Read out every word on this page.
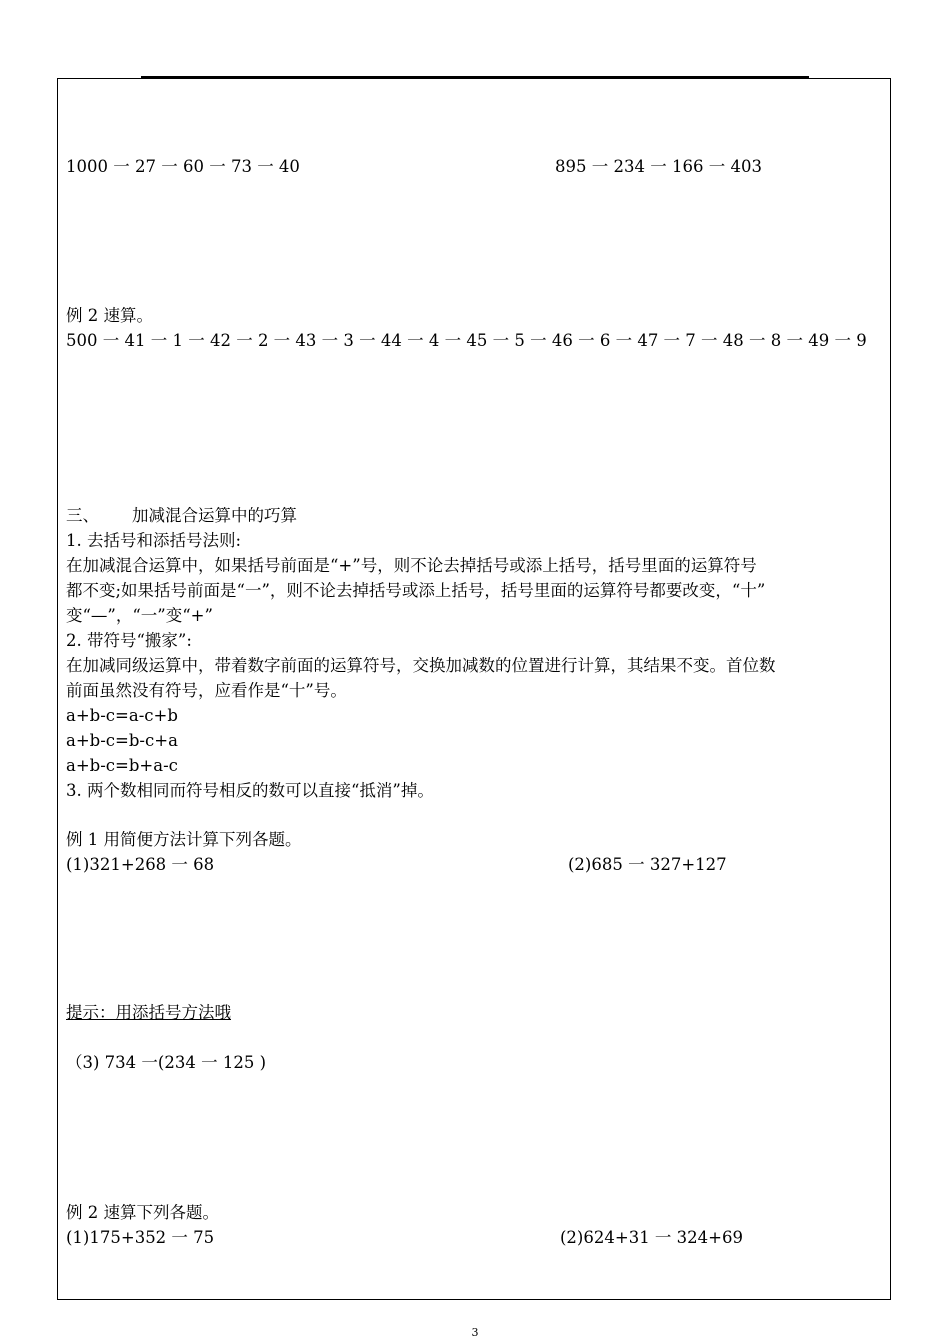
1000 一 27 一 60 一 73 一 40	895 一 234 一 166 一 403
例 2 速算。
500 一 41 一 1 一 42 一 2 一 43 一 3 一 44 一 4 一 45 一 5 一 46 一 6 一 47 一 7 一 48 一 8 一 49 一 9
三、 加减混合运算中的巧算
1. 去括号和添括号法则:
在加减混合运算中，如果括号前面是“+”号，则不论去掉括号或添上括号，括号里面的运算符号
都不变;如果括号前面是“一”，则不论去掉括号或添上括号，括号里面的运算符号都要改变，“十”
变“—”，“一”变“+”
2. 带符号“搬家”:
在加减同级运算中，带着数字前面的运算符号，交换加减数的位置进行计算，其结果不变。首位数
前面虽然没有符号，应看作是“十”号。
a+b-c=a-c+b
a+b-c=b-c+a
a+b-c=b+a-c
3. 两个数相同而符号相反的数可以直接“抵消”掉。
例 1 用简便方法计算下列各题。
(1)321+268 一 68	(2)685 一 327+127
提示：用添括号方法哦
（3) 734 一(234 一 125 )
例 2 速算下列各题。
(1)175+352 一 75	(2)624+31 一 324+69
3
